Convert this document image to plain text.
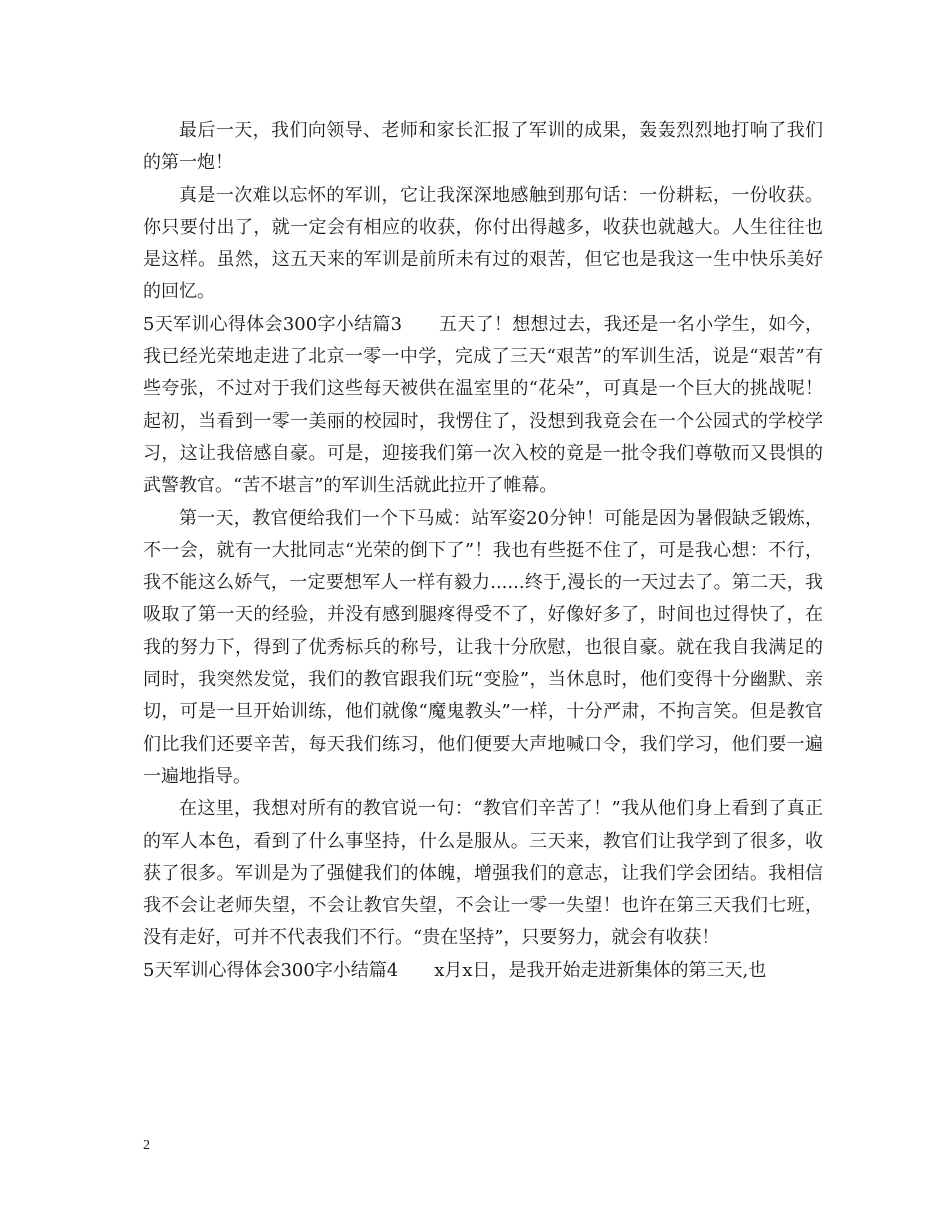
最后一天，我们向领导、老师和家长汇报了军训的成果，轰轰烈烈地打响了我们的第一炮！

真是一次难以忘怀的军训，它让我深深地感触到那句话：一份耕耘，一份收获。你只要付出了，就一定会有相应的收获，你付出得越多，收获也就越大。人生往往也是这样。虽然，这五天来的军训是前所未有过的艰苦，但它也是我这一生中快乐美好的回忆。

5天军训心得体会300字小结篇3　　五天了！想想过去，我还是一名小学生，如今，我已经光荣地走进了北京一零一中学，完成了三天“艰苦”的军训生活，说是“艰苦”有些夸张，不过对于我们这些每天被供在温室里的“花朵”，可真是一个巨大的挑战呢！起初，当看到一零一美丽的校园时，我愣住了，没想到我竟会在一个公园式的学校学习，这让我倍感自豪。可是，迎接我们第一次入校的竟是一批令我们尊敬而又畏惧的武警教官。“苦不堪言”的军训生活就此拉开了帷幕。

第一天，教官便给我们一个下马威：站军姿20分钟！可能是因为暑假缺乏锻炼，不一会，就有一大批同志“光荣的倒下了”！我也有些挺不住了，可是我心想：不行，我不能这么娇气，一定要想军人一样有毅力......终于,漫长的一天过去了。第二天，我吸取了第一天的经验，并没有感到腿疼得受不了，好像好多了，时间也过得快了，在我的努力下，得到了优秀标兵的称号，让我十分欣慰，也很自豪。就在我自我满足的同时，我突然发觉，我们的教官跟我们玩“变脸”，当休息时，他们变得十分幽默、亲切，可是一旦开始训练，他们就像“魔鬼教头”一样，十分严肃，不拘言笑。但是教官们比我们还要辛苦，每天我们练习，他们便要大声地喊口令，我们学习，他们要一遍一遍地指导。

在这里，我想对所有的教官说一句：“教官们辛苦了！”我从他们身上看到了真正的军人本色，看到了什么事坚持，什么是服从。三天来，教官们让我学到了很多，收获了很多。军训是为了强健我们的体魄，增强我们的意志，让我们学会团结。我相信我不会让老师失望，不会让教官失望，不会让一零一失望！也许在第三天我们七班，没有走好，可并不代表我们不行。“贵在坚持”，只要努力，就会有收获！

5天军训心得体会300字小结篇4　　x月x日，是我开始走进新集体的第三天,也

2
